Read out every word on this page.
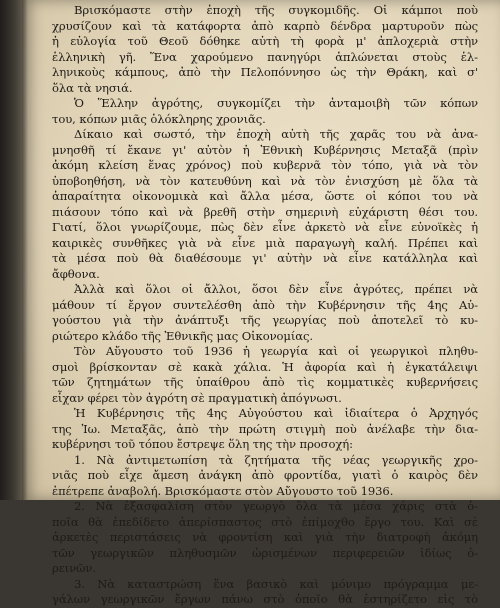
Βρισκόμαστε στὴν ἐποχὴ τῆς συγκομιδῆς. Οἱ κάμποι ποὺ
χρυσίζουν καὶ τὰ κατάφορτα ἀπὸ καρπὸ δένδρα μαρτυροῦν πὼς
ἡ εὐλογία τοῦ Θεοῦ δόθηκε αὐτὴ τὴ φορὰ μ' ἀπλοχεριὰ στὴν
ἑλληνικὴ γῆ. Ἕνα χαρούμενο πανηγύρι ἁπλώνεται στοὺς ἑλ-
ληνικοὺς κάμπους, ἀπὸ τὴν Πελοπόννησο ὡς τὴν Θράκη, καὶ σ'
ὅλα τὰ νησιά.
Ὁ Ἕλλην ἀγρότης, συγκομίζει τὴν ἀνταμοιβὴ τῶν κόπων
του, κόπων μιᾶς ὁλόκληρης χρονιᾶς.
Δίκαιο καὶ σωστό, τὴν ἐποχὴ αὐτὴ τῆς χαρᾶς του νὰ ἀνα-
μνησθῆ τί ἔκανε γι' αὐτὸν ἡ Ἐθνικὴ Κυβέρνησις Μεταξᾶ (πρὶν
ἀκόμη κλείση ἕνας χρόνος) ποὺ κυβερνᾶ τὸν τόπο, γιὰ νὰ τὸν
ὑποβοηθήση, νὰ τὸν κατευθύνη καὶ νὰ τὸν ἐνισχύση μὲ ὅλα τὰ
ἀπαραίτητα οἰκονομικὰ καὶ ἄλλα μέσα, ὥστε οἱ κόποι του νὰ
πιάσουν τόπο καὶ νὰ βρεθῆ στὴν σημερινὴ εὐχάριστη θέσι του.
Γιατί, ὅλοι γνωρίζουμε, πὼς δὲν εἶνε ἀρκετὸ νὰ εἶνε εὐνοϊκὲς ἡ
καιρικὲς συνθῆκες γιὰ νὰ εἶνε μιὰ παραγωγὴ καλή. Πρέπει καὶ
τὰ μέσα ποὺ θὰ διαθέσουμε γι' αὐτὴν νὰ εἶνε κατάλληλα καὶ
ἄφθονα.
Ἀλλὰ καὶ ὅλοι οἱ ἄλλοι, ὅσοι δὲν εἶνε ἀγρότες, πρέπει νὰ
μάθουν τί ἔργον συντελέσθη ἀπὸ τὴν Κυβέρνησιν τῆς 4ης Αὐ-
γούστου γιὰ τὴν ἀνάπτυξι τῆς γεωργίας ποὺ ἀποτελεῖ τὸ κυ-
ριώτερο κλάδο τῆς Ἐθνικῆς μας Οἰκονομίας.
Τὸν Αὔγουστο τοῦ 1936 ἡ γεωργία καὶ οἱ γεωργικοὶ πληθυ-
σμοὶ βρίσκονταν σὲ κακὰ χάλια. Ἡ ἀφορία καὶ ἡ ἐγκατάλειψι
τῶν ζητημάτων τῆς ὑπαίθρου ἀπὸ τὶς κομματικὲς κυβερνήσεις
εἶχαν φέρει τὸν ἀγρότη σὲ πραγματικὴ ἀπόγνωσι.
Ἡ Κυβέρνησις τῆς 4ης Αὐγούστου καὶ ἰδιαίτερα ὁ Ἀρχηγός
της Ἰω. Μεταξᾶς, ἀπὸ τὴν πρώτη στιγμὴ ποὺ ἀνέλαβε τὴν δια-
κυβέρνησι τοῦ τόπου ἔστρεψε ὅλη της τὴν προσοχή:
1. Νὰ ἀντιμετωπίση τὰ ζητήματα τῆς νέας γεωργικῆς χρο-
νιᾶς ποὺ εἶχε ἄμεση ἀνάγκη ἀπὸ φροντίδα, γιατὶ ὁ καιρὸς δὲν
ἐπέτρεπε ἀναβολή. Βρισκόμαστε στὸν Αὔγουστο τοῦ 1936.
2. Νὰ ἐξασφαλίση στὸν γεωργὸ ὅλα τὰ μέσα χάρις στὰ ὁ-
ποῖα θὰ ἐπεδίδετο ἀπερίσπαστος στὸ ἐπίμοχθο ἔργο του. Καὶ σὲ
ἀρκετὲς περιστάσεις νὰ φροντίση καὶ γιὰ τὴν διατροφὴ ἀκόμη
τῶν γεωργικῶν πληθυσμῶν ὡρισμένων περιφερειῶν ἰδίως ὀ-
ρεινῶν.
3. Νὰ καταστρώση ἕνα βασικὸ καὶ μόνιμο πρόγραμμα με-
γάλων γεωργικῶν ἔργων πάνω στὸ ὁποῖο θὰ ἑστηρίζετο εἰς τὸ
